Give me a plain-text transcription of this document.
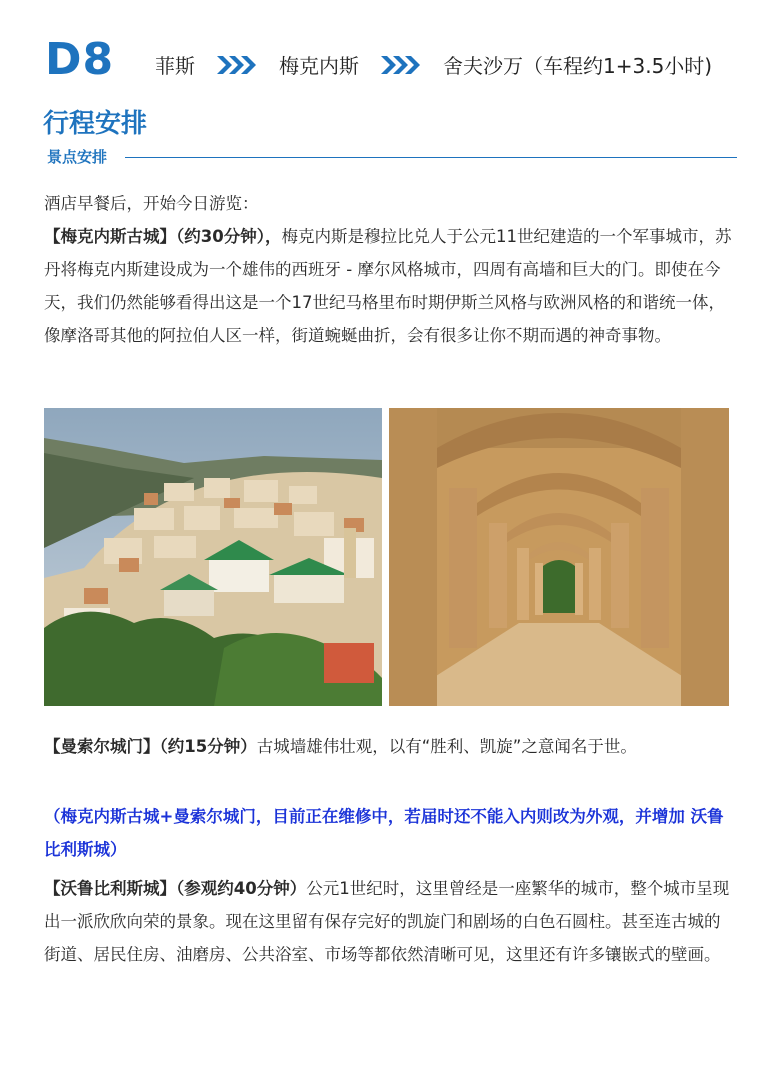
D8 菲斯	梅克内斯	舍夫沙万（车程约1+3.5小时)
行程安排
景点安排
酒店早餐后，开始今日游览：
【梅克内斯古城】（约30分钟），梅克内斯是穆拉比兑人于公元11世纪建造的一个军事城市，苏丹将梅克内斯建设成为一个雄伟的西班牙 - 摩尔风格城市，四周有高墙和巨大的门。即使在今天，我们仍然能够看得出这是一个17世纪马格里布时期伊斯兰风格与欧洲风格的和谐统一体，像摩洛哥其他的阿拉伯人区一样，街道蜿蜒曲折，会有很多让你不期而遇的神奇事物。
【曼索尔城门】（约15分钟）古城墙雄伟壮观，以有“胜利、凯旋”之意闻名于世。
（梅克内斯古城+曼索尔城门，目前正在维修中，若届时还不能入内则改为外观，并增加 沃鲁比利斯城）
【沃鲁比利斯城】（参观约40分钟）公元1世纪时，这里曾经是一座繁华的城市，整个城市呈现出一派欣欣向荣的景象。现在这里留有保存完好的凯旋门和剧场的白色石圆柱。甚至连古城的街道、居民住房、油磨房、公共浴室、市场等都依然清晰可见，这里还有许多镶嵌式的壁画。
